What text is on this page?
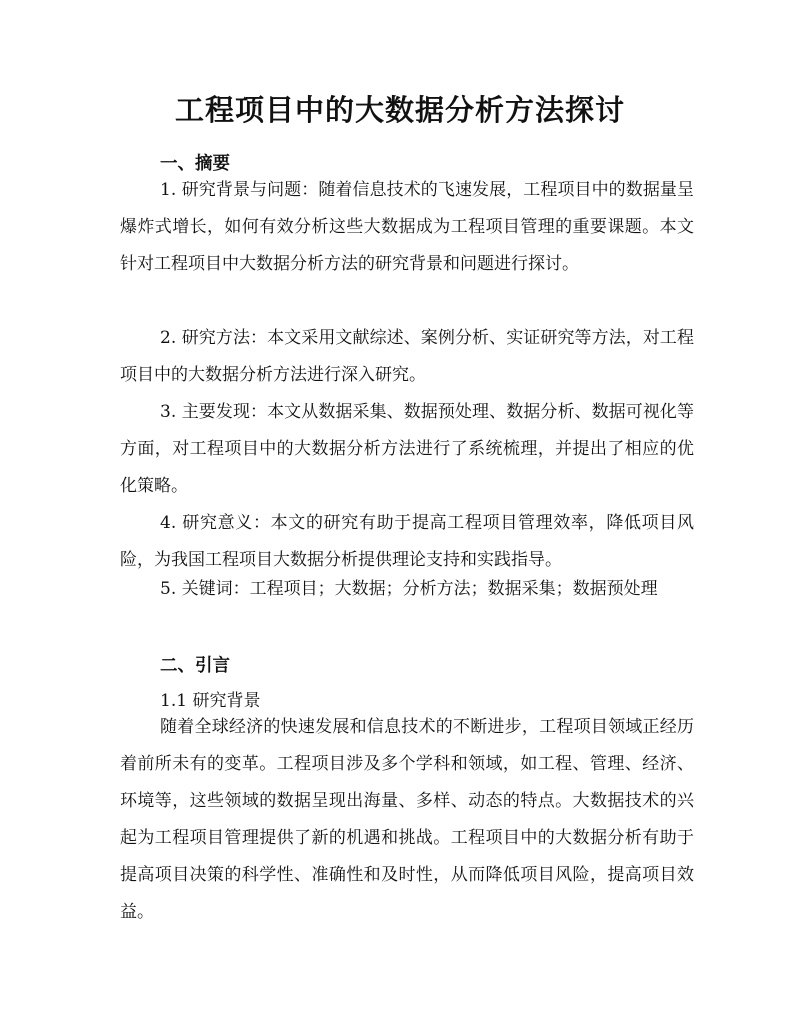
工程项目中的大数据分析方法探讨
一、摘要

1. 研究背景与问题：随着信息技术的飞速发展，工程项目中的数据量呈爆炸式增长，如何有效分析这些大数据成为工程项目管理的重要课题。本文针对工程项目中大数据分析方法的研究背景和问题进行探讨。

2. 研究方法：本文采用文献综述、案例分析、实证研究等方法，对工程项目中的大数据分析方法进行深入研究。

3. 主要发现：本文从数据采集、数据预处理、数据分析、数据可视化等方面，对工程项目中的大数据分析方法进行了系统梳理，并提出了相应的优化策略。

4. 研究意义：本文的研究有助于提高工程项目管理效率，降低项目风险，为我国工程项目大数据分析提供理论支持和实践指导。

5. 关键词：工程项目；大数据；分析方法；数据采集；数据预处理

二、引言
1.1 研究背景

随着全球经济的快速发展和信息技术的不断进步，工程项目领域正经历着前所未有的变革。工程项目涉及多个学科和领域，如工程、管理、经济、环境等，这些领域的数据呈现出海量、多样、动态的特点。大数据技术的兴起为工程项目管理提供了新的机遇和挑战。工程项目中的大数据分析有助于提高项目决策的科学性、准确性和及时性，从而降低项目风险，提高项目效益。
